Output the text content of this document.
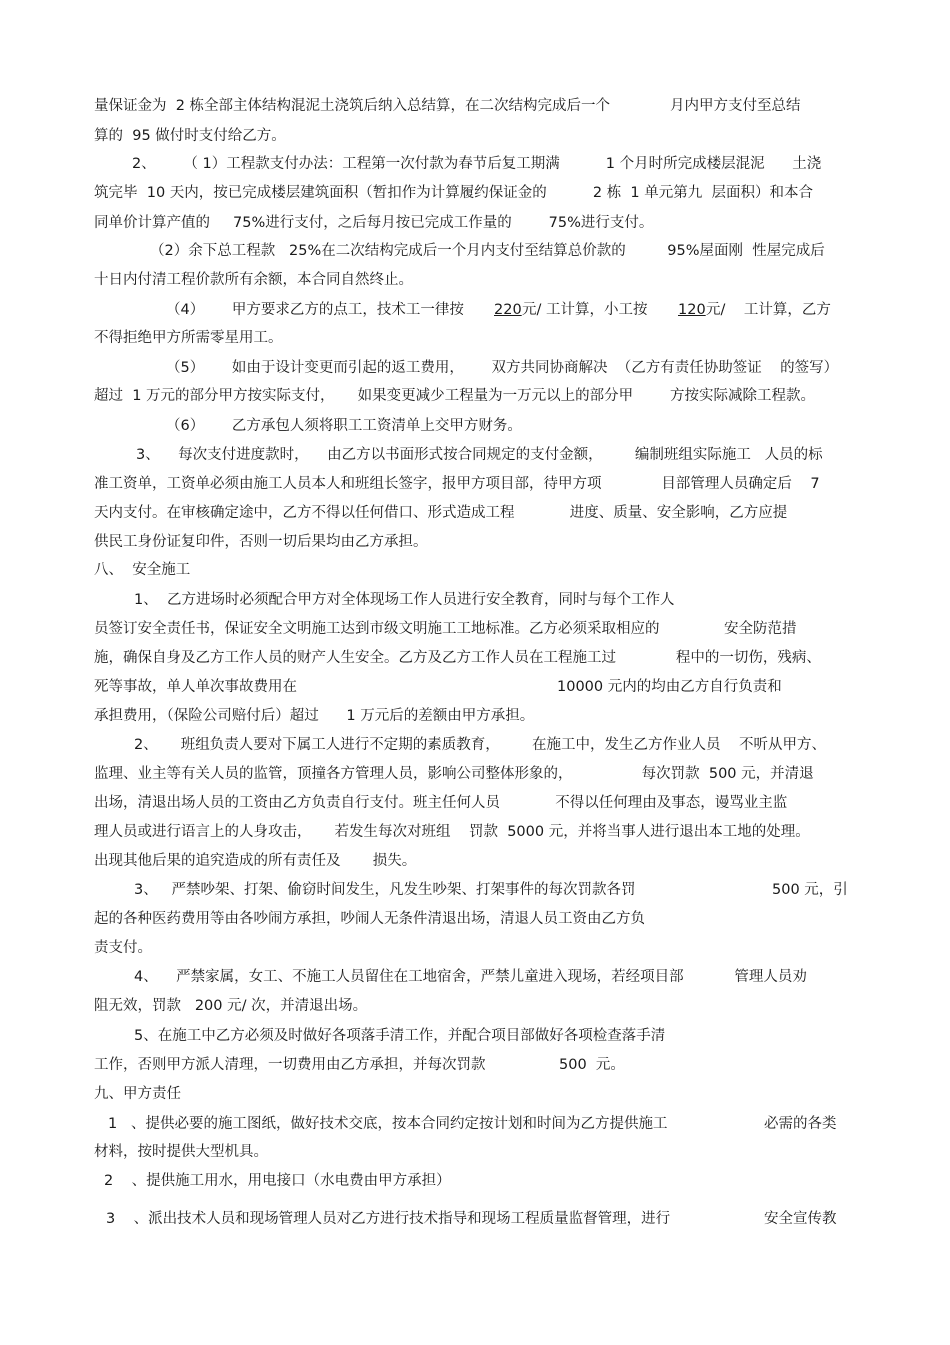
量保证金为  2 栋全部主体结构混泥土浇筑后纳入总结算，在二次结构完成后一个             月内甲方支付至总结

算的  95 做付时支付给乙方。

2、      （ 1）工程款支付办法：工程第一次付款为春节后复工期满          1 个月时所完成楼层混泥      土浇

筑完毕  10 天内，按已完成楼层建筑面积（暂扣作为计算履约保证金的          2 栋  1 单元第九  层面积）和本合

同单价计算产值的     75%进行支付，之后每月按已完成工作量的        75%进行支付。

（2）余下总工程款   25%在二次结构完成后一个月内支付至结算总价款的         95%屋面刚  性屋完成后

十日内付清工程价款所有余额，本合同自然终止。

（4）      甲方要求乙方的点工，技术工一律按 220 元/ 工计算，小工按 120 元/    工计算，乙方

不得拒绝甲方所需零星用工。

（5）      如由于设计变更而引起的返工费用，      双方共同协商解决  （乙方有责任协助签证    的签写）

超过  1 万元的部分甲方按实际支付，     如果变更减少工程量为一万元以上的部分甲        方按实际减除工程款。

（6）      乙方承包人须将职工工资清单上交甲方财务。

3、    每次支付进度款时，    由乙方以书面形式按合同规定的支付金额，       编制班组实际施工   人员的标

准工资单，工资单必须由施工人员本人和班组长签字，报甲方项目部，待甲方项             目部管理人员确定后    7

天内支付。在审核确定途中，乙方不得以任何借口、形式造成工程            进度、质量、安全影响，乙方应提

供民工身份证复印件，否则一切后果均由乙方承担。

八、  安全施工

1、  乙方进场时必须配合甲方对全体现场工作人员进行安全教育，同时与每个工作人

员签订安全责任书，保证安全文明施工达到市级文明施工工地标准。乙方必须采取相应的              安全防范措

施，确保自身及乙方工作人员的财产人生安全。乙方及乙方工作人员在工程施工过             程中的一切伤，残病、

死等事故，单人单次事故费用在	10000 元内的均由乙方自行负责和

承担费用，（保险公司赔付后）超过      1 万元后的差额由甲方承担。

2、     班组负责人要对下属工人进行不定期的素质教育，       在施工中，发生乙方作业人员    不听从甲方、

监理、业主等有关人员的监管，顶撞各方管理人员，影响公司整体形象的，               每次罚款  500 元，并清退

出场，清退出场人员的工资由乙方负责自行支付。班主任何人员            不得以任何理由及事态，谩骂业主监

理人员或进行语言上的人身攻击，     若发生每次对班组    罚款  5000 元，并将当事人进行退出本工地的处理。

出现其他后果的追究造成的所有责任及       损失。

3、   严禁吵架、打架、偷窃时间发生，凡发生吵架、打架事件的每次罚款各罚	500 元，引

起的各种医药费用等由各吵闹方承担，吵闹人无条件清退出场，清退人员工资由乙方负

责支付。

4、    严禁家属，女工、不施工人员留住在工地宿舍，严禁儿童进入现场，若经项目部           管理人员劝

阻无效，罚款   200 元/ 次，并清退出场。

5、在施工中乙方必须及时做好各项落手清工作，并配合项目部做好各项检查落手清

工作，否则甲方派人清理，一切费用由乙方承担，并每次罚款	500  元。

九、甲方责任

1   、提供必要的施工图纸，做好技术交底，按本合同约定按计划和时间为乙方提供施工	必需的各类

材料，按时提供大型机具。

2    、提供施工用水，用电接口（水电费由甲方承担）

3    、派出技术人员和现场管理人员对乙方进行技术指导和现场工程质量监督管理，进行	安全宣传教
